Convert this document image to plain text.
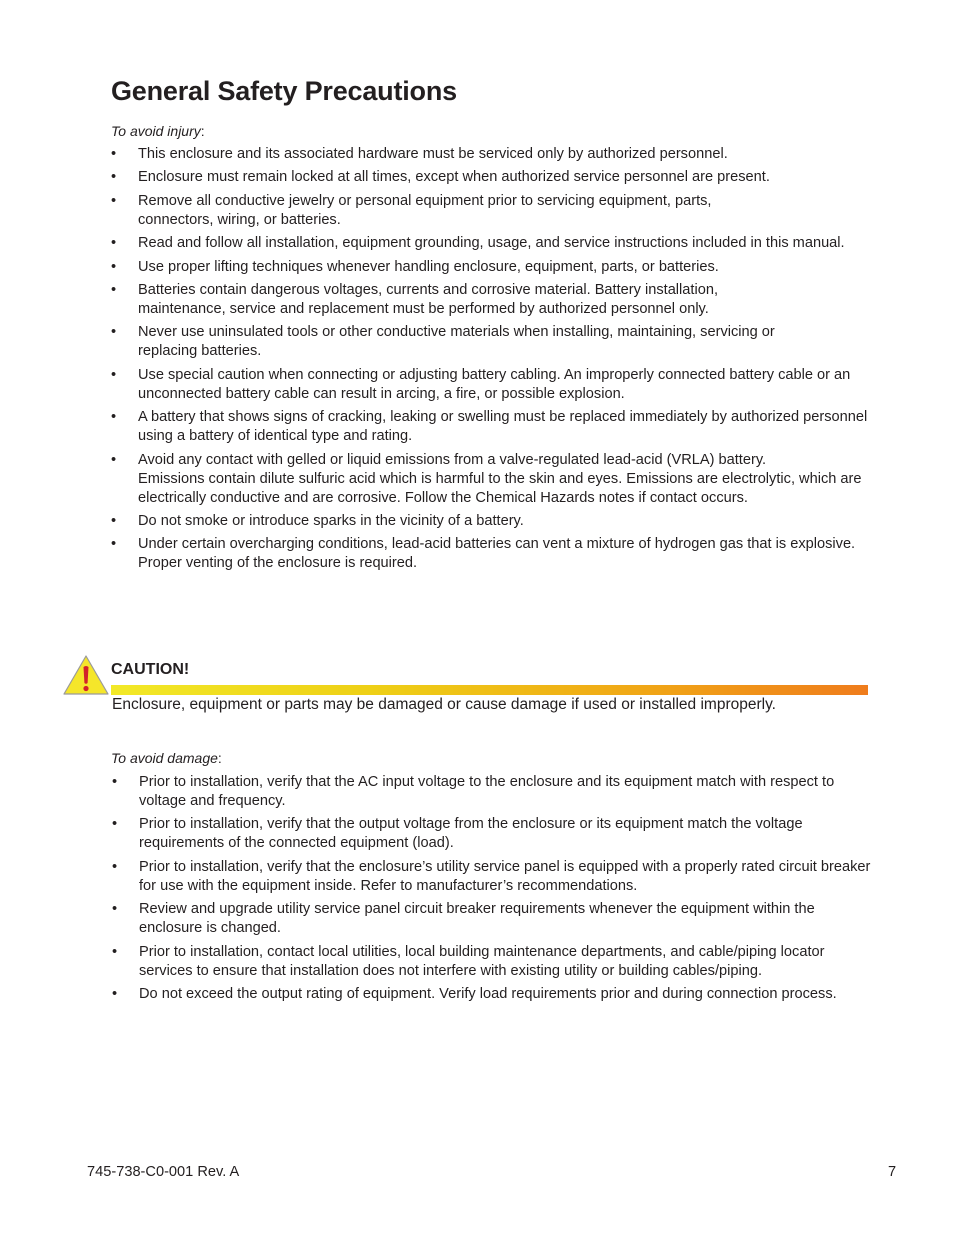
General Safety Precautions

To avoid injury:

• This enclosure and its associated hardware must be serviced only by authorized personnel.
• Enclosure must remain locked at all times, except when authorized service personnel are present.
• Remove all conductive jewelry or personal equipment prior to servicing equipment, parts,
connectors, wiring, or batteries.
• Read and follow all installation, equipment grounding, usage, and service instructions included in this manual.
• Use proper lifting techniques whenever handling enclosure, equipment, parts, or batteries.
• Batteries contain dangerous voltages, currents and corrosive material. Battery installation,
maintenance, service and replacement must be performed by authorized personnel only.
• Never use uninsulated tools or other conductive materials when installing, maintaining, servicing or replacing batteries.
• Use special caution when connecting or adjusting battery cabling. An improperly connected battery cable or an unconnected battery cable can result in arcing, a fire, or possible explosion.
• A battery that shows signs of cracking, leaking or swelling must be replaced immediately by authorized personnel using a battery of identical type and rating.
• Avoid any contact with gelled or liquid emissions from a valve-regulated lead-acid (VRLA) battery.
Emissions contain dilute sulfuric acid which is harmful to the skin and eyes. Emissions are electrolytic, which are electrically conductive and are corrosive. Follow the Chemical Hazards notes if contact occurs.
• Do not smoke or introduce sparks in the vicinity of a battery.
• Under certain overcharging conditions, lead-acid batteries can vent a mixture of hydrogen gas that is explosive. Proper venting of the enclosure is required.
CAUTION!
Enclosure, equipment or parts may be damaged or cause damage if used or installed improperly.

To avoid damage:

• Prior to installation, verify that the AC input voltage to the enclosure and its equipment match with respect to voltage and frequency.
• Prior to installation, verify that the output voltage from the enclosure or its equipment match the voltage requirements of the connected equipment (load).
• Prior to installation, verify that the enclosure’s utility service panel is equipped with a properly rated circuit breaker for use with the equipment inside. Refer to manufacturer’s recommendations.
• Review and upgrade utility service panel circuit breaker requirements whenever the equipment within the enclosure is changed.
• Prior to installation, contact local utilities, local building maintenance departments, and cable/piping locator services to ensure that installation does not interfere with existing utility or building cables/piping.
• Do not exceed the output rating of equipment. Verify load requirements prior and during connection process.
745-738-C0-001 Rev. A	7
